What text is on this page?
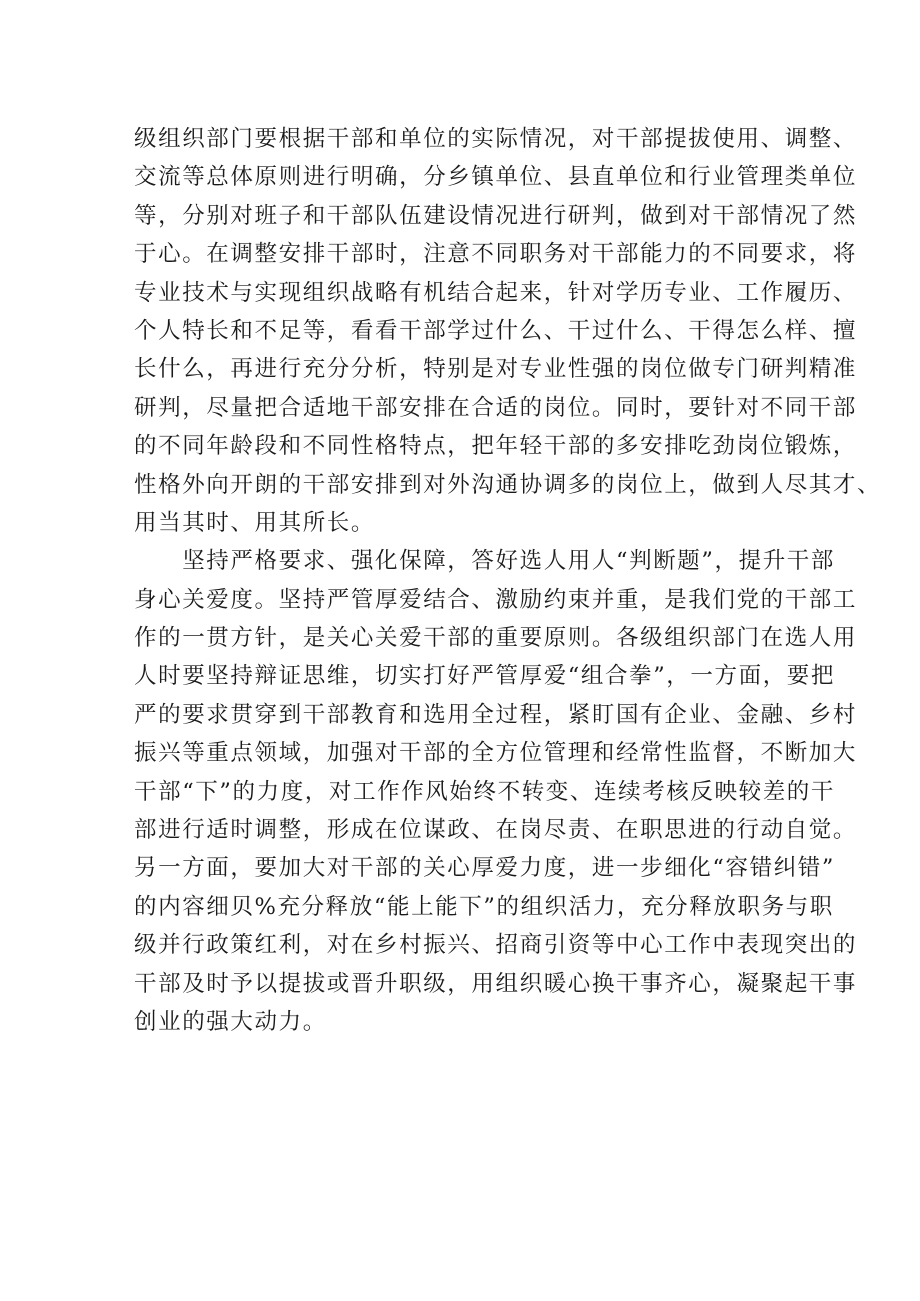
级组织部门要根据干部和单位的实际情况，对干部提拔使用、调整、
交流等总体原则进行明确，分乡镇单位、县直单位和行业管理类单位
等，分别对班子和干部队伍建设情况进行研判，做到对干部情况了然
于心。在调整安排干部时，注意不同职务对干部能力的不同要求，将
专业技术与实现组织战略有机结合起来，针对学历专业、工作履历、
个人特长和不足等，看看干部学过什么、干过什么、干得怎么样、擅
长什么，再进行充分分析，特别是对专业性强的岗位做专门研判精准
研判，尽量把合适地干部安排在合适的岗位。同时，要针对不同干部
的不同年龄段和不同性格特点，把年轻干部的多安排吃劲岗位锻炼，
性格外向开朗的干部安排到对外沟通协调多的岗位上，做到人尽其才、
用当其时、用其所长。
　　坚持严格要求、强化保障，答好选人用人“判断题”，提升干部
身心关爱度。坚持严管厚爱结合、激励约束并重，是我们党的干部工
作的一贯方针，是关心关爱干部的重要原则。各级组织部门在选人用
人时要坚持辩证思维，切实打好严管厚爱“组合拳”，一方面，要把
严的要求贯穿到干部教育和选用全过程，紧盯国有企业、金融、乡村
振兴等重点领域，加强对干部的全方位管理和经常性监督，不断加大
干部“下”的力度，对工作作风始终不转变、连续考核反映较差的干
部进行适时调整，形成在位谋政、在岗尽责、在职思进的行动自觉。
另一方面，要加大对干部的关心厚爱力度，进一步细化“容错纠错”
的内容细贝%充分释放“能上能下”的组织活力，充分释放职务与职
级并行政策红利，对在乡村振兴、招商引资等中心工作中表现突出的
干部及时予以提拔或晋升职级，用组织暖心换干事齐心，凝聚起干事
创业的强大动力。
